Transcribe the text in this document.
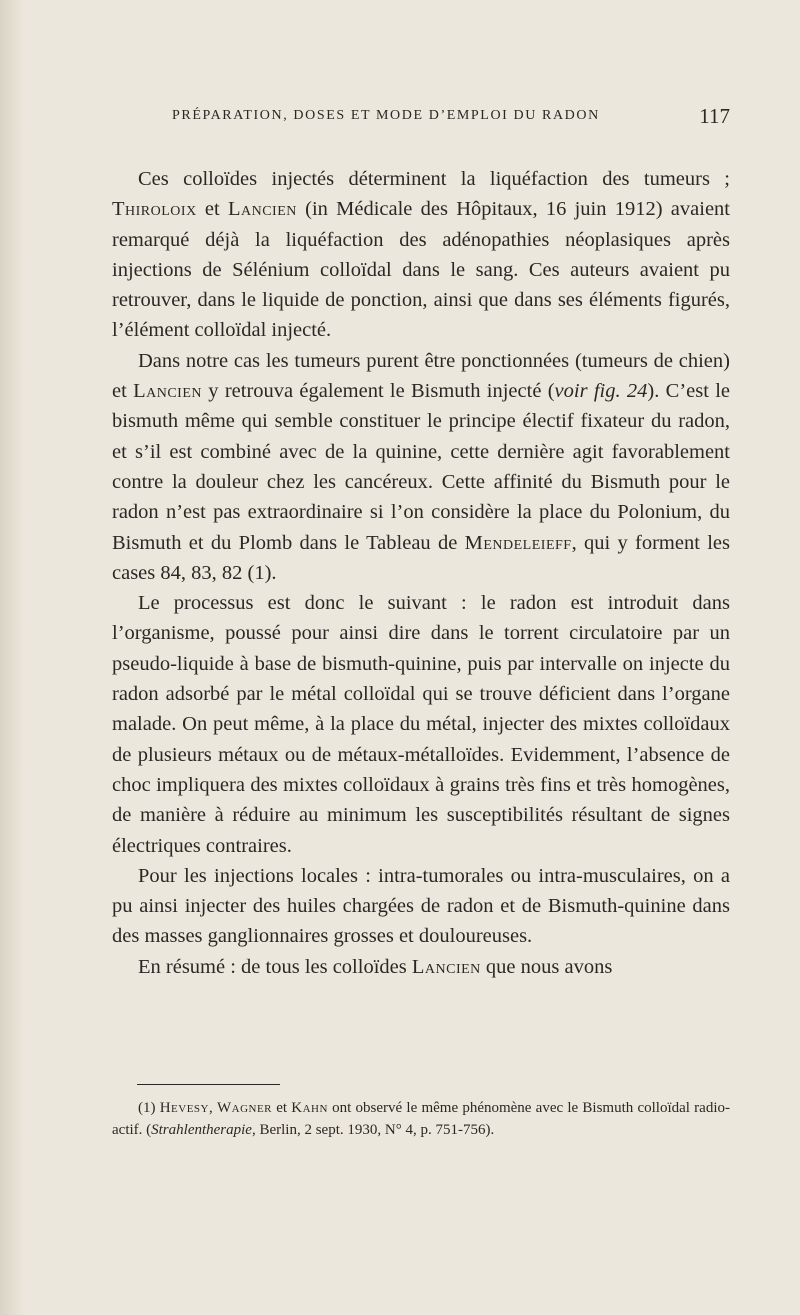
PRÉPARATION, DOSES ET MODE D’EMPLOI DU RADON	117

Ces colloïdes injectés déterminent la liquéfaction des tumeurs ; Thiroloix et Lancien (in Médicale des Hôpitaux, 16 juin 1912) avaient remarqué déjà la liquéfaction des adénopathies néoplasiques après injections de Sélénium colloïdal dans le sang. Ces auteurs avaient pu retrouver, dans le liquide de ponction, ainsi que dans ses éléments figurés, l’élément colloïdal injecté.

Dans notre cas les tumeurs purent être ponctionnées (tumeurs de chien) et Lancien y retrouva également le Bismuth injecté (voir fig. 24). C’est le bismuth même qui semble constituer le principe électif fixateur du radon, et s’il est combiné avec de la quinine, cette dernière agit favorablement contre la douleur chez les cancéreux. Cette affinité du Bismuth pour le radon n’est pas extraordinaire si l’on considère la place du Polonium, du Bismuth et du Plomb dans le Tableau de Mendeleieff, qui y forment les cases 84, 83, 82 (1).

Le processus est donc le suivant : le radon est introduit dans l’organisme, poussé pour ainsi dire dans le torrent circulatoire par un pseudo-liquide à base de bismuth-quinine, puis par intervalle on injecte du radon adsorbé par le métal colloïdal qui se trouve déficient dans l’organe malade. On peut même, à la place du métal, injecter des mixtes colloïdaux de plusieurs métaux ou de métaux-métalloïdes. Evidemment, l’absence de choc impliquera des mixtes colloïdaux à grains très fins et très homogènes, de manière à réduire au minimum les susceptibilités résultant de signes électriques contraires.

Pour les injections locales : intra-tumorales ou intra-musculaires, on a pu ainsi injecter des huiles chargées de radon et de Bismuth-quinine dans des masses ganglionnaires grosses et douloureuses.

En résumé : de tous les colloïdes Lancien que nous avons

(1) Hevesy, Wagner et Kahn ont observé le même phénomène avec le Bismuth colloïdal radio-actif. (Strahlentherapie, Berlin, 2 sept. 1930, N° 4, p. 751-756).
